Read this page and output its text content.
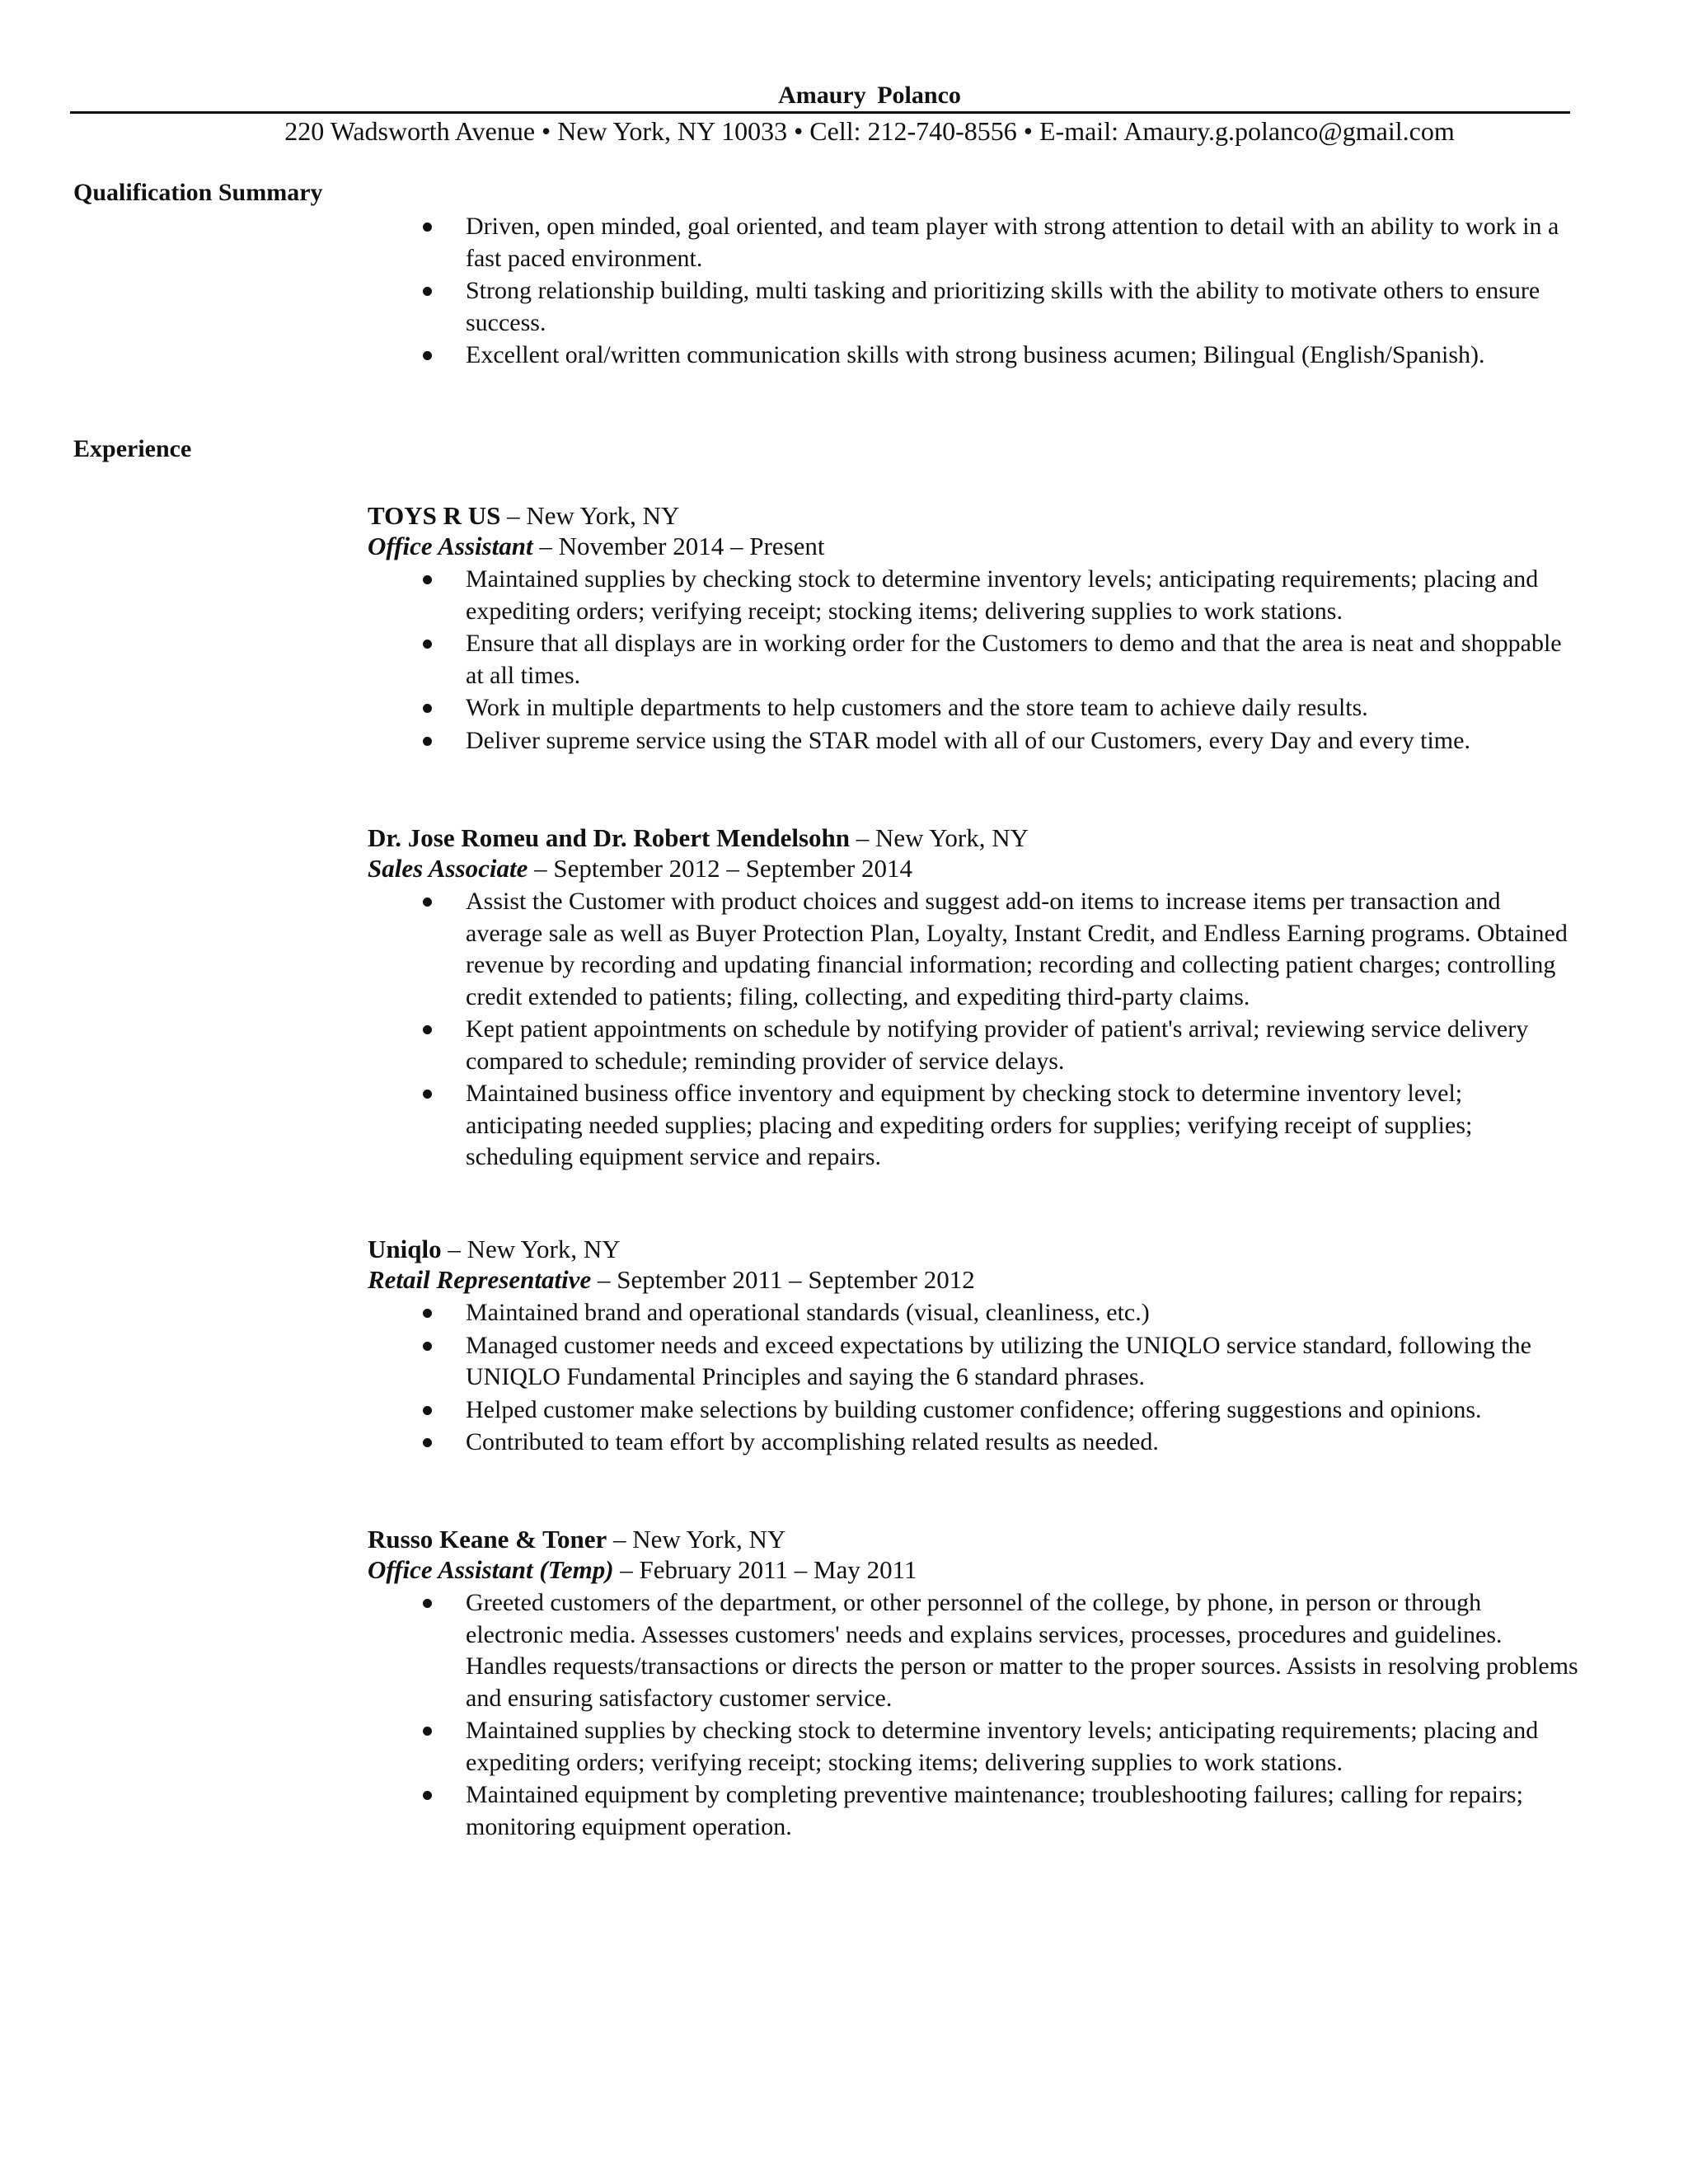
Amaury Polanco
220 Wadsworth Avenue • New York, NY 10033 • Cell: 212-740-8556 • E-mail: Amaury.g.polanco@gmail.com
Qualification Summary
Driven, open minded, goal oriented, and team player with strong attention to detail with an ability to work in a fast paced environment.
Strong relationship building, multi tasking and prioritizing skills with the ability to motivate others to ensure success.
Excellent oral/written communication skills with strong business acumen; Bilingual (English/Spanish).
Experience
TOYS R US – New York, NY
Office Assistant – November 2014 – Present
Maintained supplies by checking stock to determine inventory levels; anticipating requirements; placing and expediting orders; verifying receipt; stocking items; delivering supplies to work stations.
Ensure that all displays are in working order for the Customers to demo and that the area is neat and shoppable at all times.
Work in multiple departments to help customers and the store team to achieve daily results.
Deliver supreme service using the STAR model with all of our Customers, every Day and every time.
Dr. Jose Romeu and Dr. Robert Mendelsohn – New York, NY
Sales Associate – September 2012 – September 2014
Assist the Customer with product choices and suggest add-on items to increase items per transaction and average sale as well as Buyer Protection Plan, Loyalty, Instant Credit, and Endless Earning programs. Obtained revenue by recording and updating financial information; recording and collecting patient charges; controlling credit extended to patients; filing, collecting, and expediting third-party claims.
Kept patient appointments on schedule by notifying provider of patient's arrival; reviewing service delivery compared to schedule; reminding provider of service delays.
Maintained business office inventory and equipment by checking stock to determine inventory level; anticipating needed supplies; placing and expediting orders for supplies; verifying receipt of supplies; scheduling equipment service and repairs.
Uniqlo – New York, NY
Retail Representative – September 2011 – September 2012
Maintained brand and operational standards (visual, cleanliness, etc.)
Managed customer needs and exceed expectations by utilizing the UNIQLO service standard, following the UNIQLO Fundamental Principles and saying the 6 standard phrases.
Helped customer make selections by building customer confidence; offering suggestions and opinions.
Contributed to team effort by accomplishing related results as needed.
Russo Keane & Toner – New York, NY
Office Assistant (Temp) – February 2011 – May 2011
Greeted customers of the department, or other personnel of the college, by phone, in person or through electronic media. Assesses customers' needs and explains services, processes, procedures and guidelines. Handles requests/transactions or directs the person or matter to the proper sources. Assists in resolving problems and ensuring satisfactory customer service.
Maintained supplies by checking stock to determine inventory levels; anticipating requirements; placing and expediting orders; verifying receipt; stocking items; delivering supplies to work stations.
Maintained equipment by completing preventive maintenance; troubleshooting failures; calling for repairs; monitoring equipment operation.
